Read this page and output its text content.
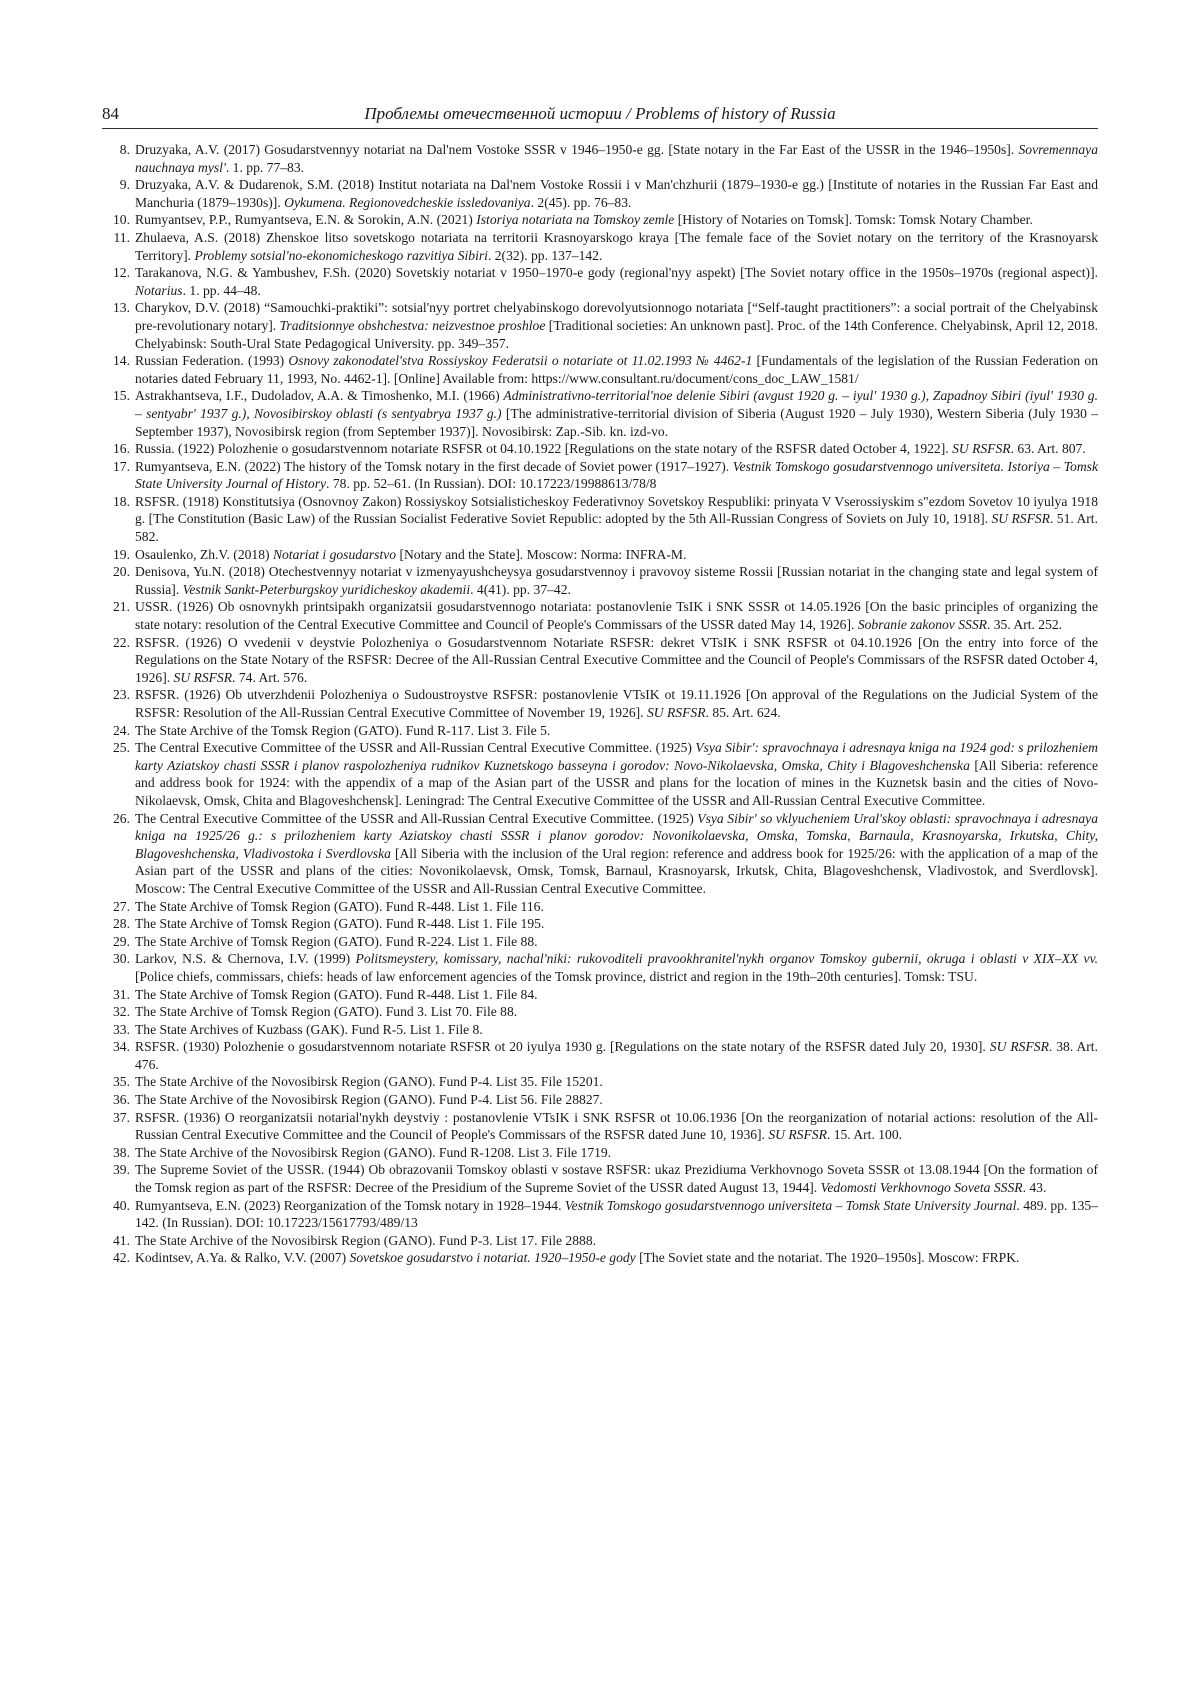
84	Проблемы отечественной истории / Problems of history of Russia
8. Druzyaka, A.V. (2017) Gosudarstvennyy notariat na Dal'nem Vostoke SSSR v 1946–1950-e gg. [State notary in the Far East of the USSR in the 1946–1950s]. Sovremennaya nauchnaya mysl'. 1. pp. 77–83.
9. Druzyaka, A.V. & Dudarenok, S.M. (2018) Institut notariata na Dal'nem Vostoke Rossii i v Man'chzhurii (1879–1930-e gg.) [Institute of notaries in the Russian Far East and Manchuria (1879–1930s)]. Oykumena. Regionovedcheskie issledovaniya. 2(45). pp. 76–83.
10. Rumyantsev, P.P., Rumyantseva, E.N. & Sorokin, A.N. (2021) Istoriya notariata na Tomskoy zemle [History of Notaries on Tomsk]. Tomsk: Tomsk Notary Chamber.
11. Zhulaeva, A.S. (2018) Zhenskoe litso sovetskogo notariata na territorii Krasnoyarskogo kraya [The female face of the Soviet notary on the territory of the Krasnoyarsk Territory]. Problemy sotsial'no-ekonomicheskogo razvitiya Sibiri. 2(32). pp. 137–142.
12. Tarakanova, N.G. & Yambushev, F.Sh. (2020) Sovetskiy notariat v 1950–1970-e gody (regional'nyy aspekt) [The Soviet notary office in the 1950s–1970s (regional aspect)]. Notarius. 1. pp. 44–48.
13. Charykov, D.V. (2018) “Samouchki-praktiki”: sotsial'nyy portret chelyabinskogo dorevolyutsionnogo notariata [“Self-taught practitioners”: a social portrait of the Chelyabinsk pre-revolutionary notary]. Traditsionnye obshchestva: neizvestnoe proshloe [Traditional societies: An unknown past]. Proc. of the 14th Conference. Chelyabinsk, April 12, 2018. Chelyabinsk: South-Ural State Pedagogical University. pp. 349–357.
14. Russian Federation. (1993) Osnovy zakonodatel'stva Rossiyskoy Federatsii o notariate ot 11.02.1993 № 4462-1 [Fundamentals of the legislation of the Russian Federation on notaries dated February 11, 1993, No. 4462-1]. [Online] Available from: https://www.consultant.ru/document/cons_doc_LAW_1581/
15. Astrakhantseva, I.F., Dudoladov, A.A. & Timoshenko, M.I. (1966) Administrativno-territorial'noe delenie Sibiri (avgust 1920 g. – iyul' 1930 g.), Zapadnoy Sibiri (iyul' 1930 g. – sentyabr' 1937 g.), Novosibirskoy oblasti (s sentyabrya 1937 g.) [The administrative-territorial division of Siberia (August 1920 – July 1930), Western Siberia (July 1930 – September 1937), Novosibirsk region (from September 1937)]. Novosibirsk: Zap.-Sib. kn. izd-vo.
16. Russia. (1922) Polozhenie o gosudarstvennom notariate RSFSR ot 04.10.1922 [Regulations on the state notary of the RSFSR dated October 4, 1922]. SU RSFSR. 63. Art. 807.
17. Rumyantseva, E.N. (2022) The history of the Tomsk notary in the first decade of Soviet power (1917–1927). Vestnik Tomskogo gosudarstvennogo universiteta. Istoriya – Tomsk State University Journal of History. 78. pp. 52–61. (In Russian). DOI: 10.17223/19988613/78/8
18. RSFSR. (1918) Konstitutsiya (Osnovnoy Zakon) Rossiyskoy Sotsialisticheskoy Federativnoy Sovetskoy Respubliki: prinyata V Vserossiyskim s"ezdom Sovetov 10 iyulya 1918 g. [The Constitution (Basic Law) of the Russian Socialist Federative Soviet Republic: adopted by the 5th All-Russian Congress of Soviets on July 10, 1918]. SU RSFSR. 51. Art. 582.
19. Osaulenko, Zh.V. (2018) Notariat i gosudarstvo [Notary and the State]. Moscow: Norma: INFRA-M.
20. Denisova, Yu.N. (2018) Otechestvennyy notariat v izmenyayushcheysya gosudarstvennoy i pravovoy sisteme Rossii [Russian notariat in the changing state and legal system of Russia]. Vestnik Sankt-Peterburgskoy yuridicheskoy akademii. 4(41). pp. 37–42.
21. USSR. (1926) Ob osnovnykh printsipakh organizatsii gosudarstvennogo notariata: postanovlenie TsIK i SNK SSSR ot 14.05.1926 [On the basic principles of organizing the state notary: resolution of the Central Executive Committee and Council of People's Commissars of the USSR dated May 14, 1926]. Sobranie zakonov SSSR. 35. Art. 252.
22. RSFSR. (1926) O vvedenii v deystvie Polozheniya o Gosudarstvennom Notariate RSFSR: dekret VTsIK i SNK RSFSR ot 04.10.1926 [On the entry into force of the Regulations on the State Notary of the RSFSR: Decree of the All-Russian Central Executive Committee and the Council of People's Commissars of the RSFSR dated October 4, 1926]. SU RSFSR. 74. Art. 576.
23. RSFSR. (1926) Ob utverzhdenii Polozheniya o Sudoustroystve RSFSR: postanovlenie VTsIK ot 19.11.1926 [On approval of the Regulations on the Judicial System of the RSFSR: Resolution of the All-Russian Central Executive Committee of November 19, 1926]. SU RSFSR. 85. Art. 624.
24. The State Archive of the Tomsk Region (GATO). Fund R-117. List 3. File 5.
25. The Central Executive Committee of the USSR and All-Russian Central Executive Committee. (1925) Vsya Sibir': spravochnaya i adresnaya kniga na 1924 god: s prilozheniem karty Aziatskoy chasti SSSR i planov raspolozheniya rudnikov Kuznetskogo basseyna i gorodov: Novo-Nikolaevska, Omska, Chity i Blagoveshchenska [All Siberia: reference and address book for 1924: with the appendix of a map of the Asian part of the USSR and plans for the location of mines in the Kuznetsk basin and the cities of Novo-Nikolaevsk, Omsk, Chita and Blagoveshchensk]. Leningrad: The Central Executive Committee of the USSR and All-Russian Central Executive Committee.
26. The Central Executive Committee of the USSR and All-Russian Central Executive Committee. (1925) Vsya Sibir' so vklyucheniem Ural'skoy oblasti: spravochnaya i adresnaya kniga na 1925/26 g.: s prilozheniem karty Aziatskoy chasti SSSR i planov gorodov: Novonikolaevska, Omska, Tomska, Barnaula, Krasnoyarska, Irkutska, Chity, Blagoveshchenska, Vladivostoka i Sverdlovska [All Siberia with the inclusion of the Ural region: reference and address book for 1925/26: with the application of a map of the Asian part of the USSR and plans of the cities: Novonikolaevsk, Omsk, Tomsk, Barnaul, Krasnoyarsk, Irkutsk, Chita, Blagoveshchensk, Vladivostok, and Sverdlovsk]. Moscow: The Central Executive Committee of the USSR and All-Russian Central Executive Committee.
27. The State Archive of Tomsk Region (GATO). Fund R-448. List 1. File 116.
28. The State Archive of Tomsk Region (GATO). Fund R-448. List 1. File 195.
29. The State Archive of Tomsk Region (GATO). Fund R-224. List 1. File 88.
30. Larkov, N.S. & Chernova, I.V. (1999) Politsmeystery, komissary, nachal'niki: rukovoditeli pravookhranitel'nykh organov Tomskoy gubernii, okruga i oblasti v XIX–XX vv. [Police chiefs, commissars, chiefs: heads of law enforcement agencies of the Tomsk province, district and region in the 19th–20th centuries]. Tomsk: TSU.
31. The State Archive of Tomsk Region (GATO). Fund R-448. List 1. File 84.
32. The State Archive of Tomsk Region (GATO). Fund 3. List 70. File 88.
33. The State Archives of Kuzbass (GAK). Fund R-5. List 1. File 8.
34. RSFSR. (1930) Polozhenie o gosudarstvennom notariate RSFSR ot 20 iyulya 1930 g. [Regulations on the state notary of the RSFSR dated July 20, 1930]. SU RSFSR. 38. Art. 476.
35. The State Archive of the Novosibirsk Region (GANO). Fund P-4. List 35. File 15201.
36. The State Archive of the Novosibirsk Region (GANO). Fund P-4. List 56. File 28827.
37. RSFSR. (1936) O reorganizatsii notarial'nykh deystviy : postanovlenie VTsIK i SNK RSFSR ot 10.06.1936 [On the reorganization of notarial actions: resolution of the All-Russian Central Executive Committee and the Council of People's Commissars of the RSFSR dated June 10, 1936]. SU RSFSR. 15. Art. 100.
38. The State Archive of the Novosibirsk Region (GANO). Fund R-1208. List 3. File 1719.
39. The Supreme Soviet of the USSR. (1944) Ob obrazovanii Tomskoy oblasti v sostave RSFSR: ukaz Prezidiuma Verkhovnogo Soveta SSSR ot 13.08.1944 [On the formation of the Tomsk region as part of the RSFSR: Decree of the Presidium of the Supreme Soviet of the USSR dated August 13, 1944]. Vedomosti Verkhovnogo Soveta SSSR. 43.
40. Rumyantseva, E.N. (2023) Reorganization of the Tomsk notary in 1928–1944. Vestnik Tomskogo gosudarstvennogo universiteta – Tomsk State University Journal. 489. pp. 135–142. (In Russian). DOI: 10.17223/15617793/489/13
41. The State Archive of the Novosibirsk Region (GANO). Fund P-3. List 17. File 2888.
42. Kodintsev, A.Ya. & Ralko, V.V. (2007) Sovetskoe gosudarstvo i notariat. 1920–1950-e gody [The Soviet state and the notariat. The 1920–1950s]. Moscow: FRPK.
